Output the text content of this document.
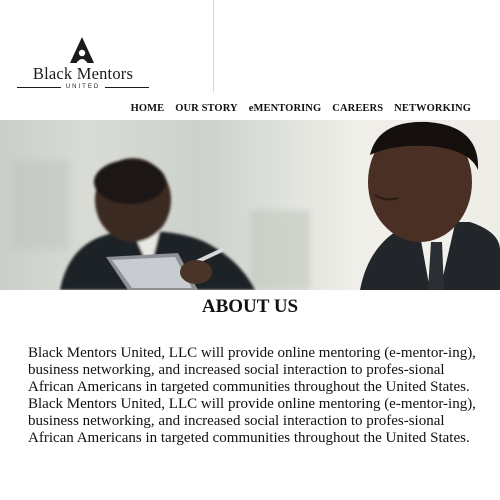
Black Mentors
UNITED
HOME OUR STORY eMENTORING CAREERS NETWORKING
ABOUT US

Black Mentors United, LLC will provide online mentoring (e-mentor-ing), business networking, and increased social interaction to profes-sional African Americans in targeted communities throughout the United States.

Black Mentors United, LLC will provide online mentoring (e-mentor-ing), business networking, and increased social interaction to profes-sional African Americans in targeted communities throughout the United States.
